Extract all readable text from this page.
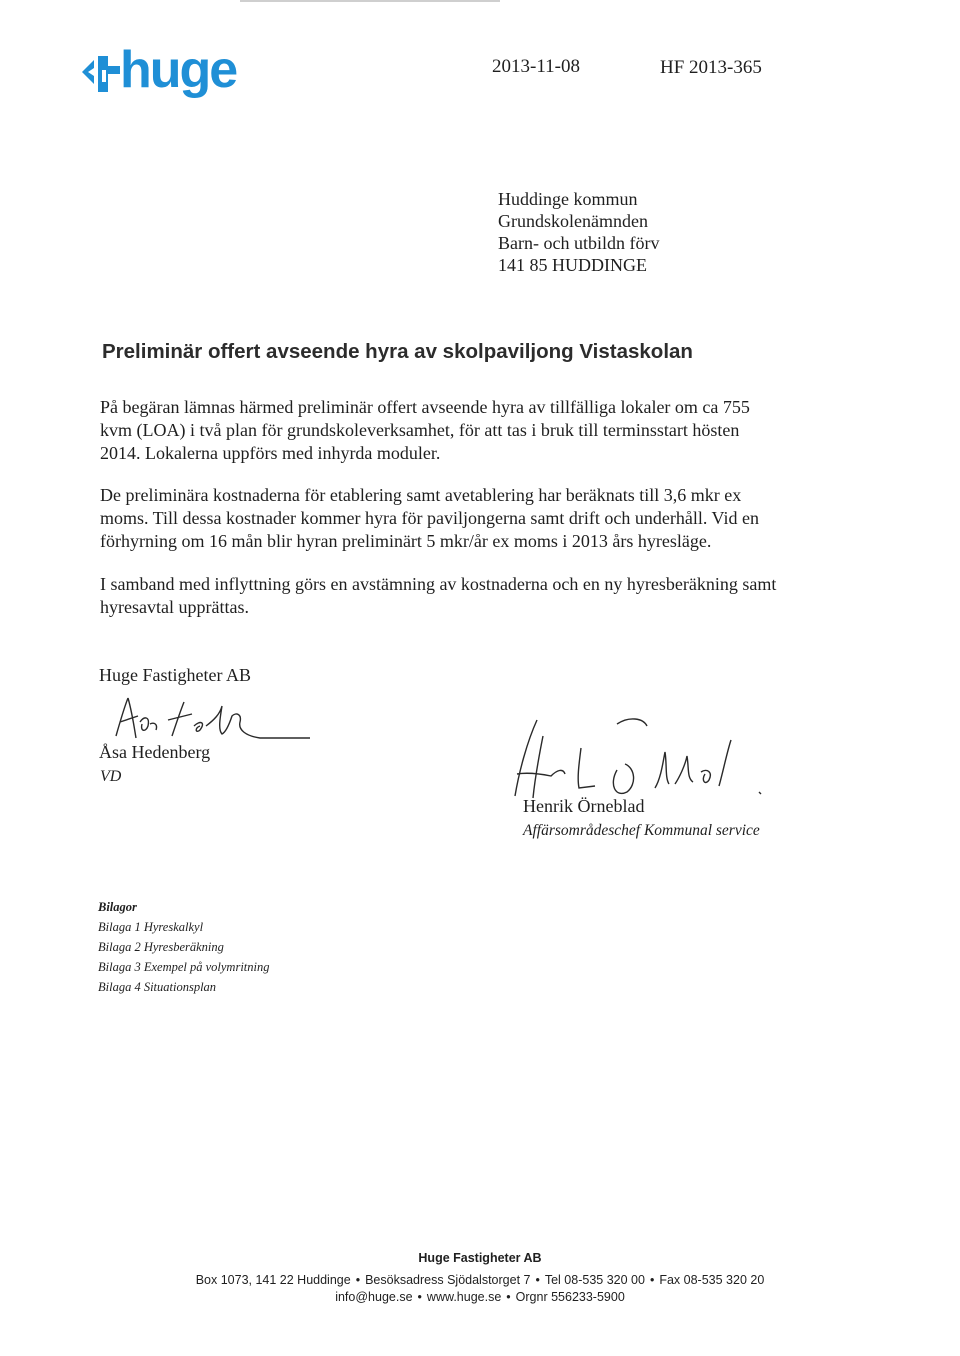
huge	2013-11-08	HF 2013-365
Huddinge kommun
Grundskolenämnden
Barn- och utbildn förv
141 85 HUDDINGE
Preliminär offert avseende hyra av skolpaviljong Vistaskolan
På begäran lämnas härmed preliminär offert avseende hyra av tillfälliga lokaler om ca 755
kvm (LOA) i två plan för grundskoleverksamhet, för att tas i bruk till terminsstart hösten
2014. Lokalerna uppförs med inhyrda moduler.
De preliminära kostnaderna för etablering samt avetablering har beräknats till 3,6 mkr ex
moms. Till dessa kostnader kommer hyra för paviljongerna samt drift och underhåll. Vid en
förhyrning om 16 mån blir hyran preliminärt 5 mkr/år ex moms i 2013 års hyresläge.
I samband med inflyttning görs en avstämning av kostnaderna och en ny hyresberäkning samt
hyresavtal upprättas.
Huge Fastigheter AB
Åsa Hedenberg
VD
Henrik Örneblad
Affärsområdeschef Kommunal service
Bilagor
Bilaga 1 Hyreskalkyl
Bilaga 2 Hyresberäkning
Bilaga 3 Exempel på volymritning
Bilaga 4 Situationsplan
Huge Fastigheter AB
Box 1073, 141 22 Huddinge • Besöksadress Sjödalstorget 7 • Tel 08-535 320 00 • Fax 08-535 320 20
info@huge.se • www.huge.se • Orgnr 556233-5900
